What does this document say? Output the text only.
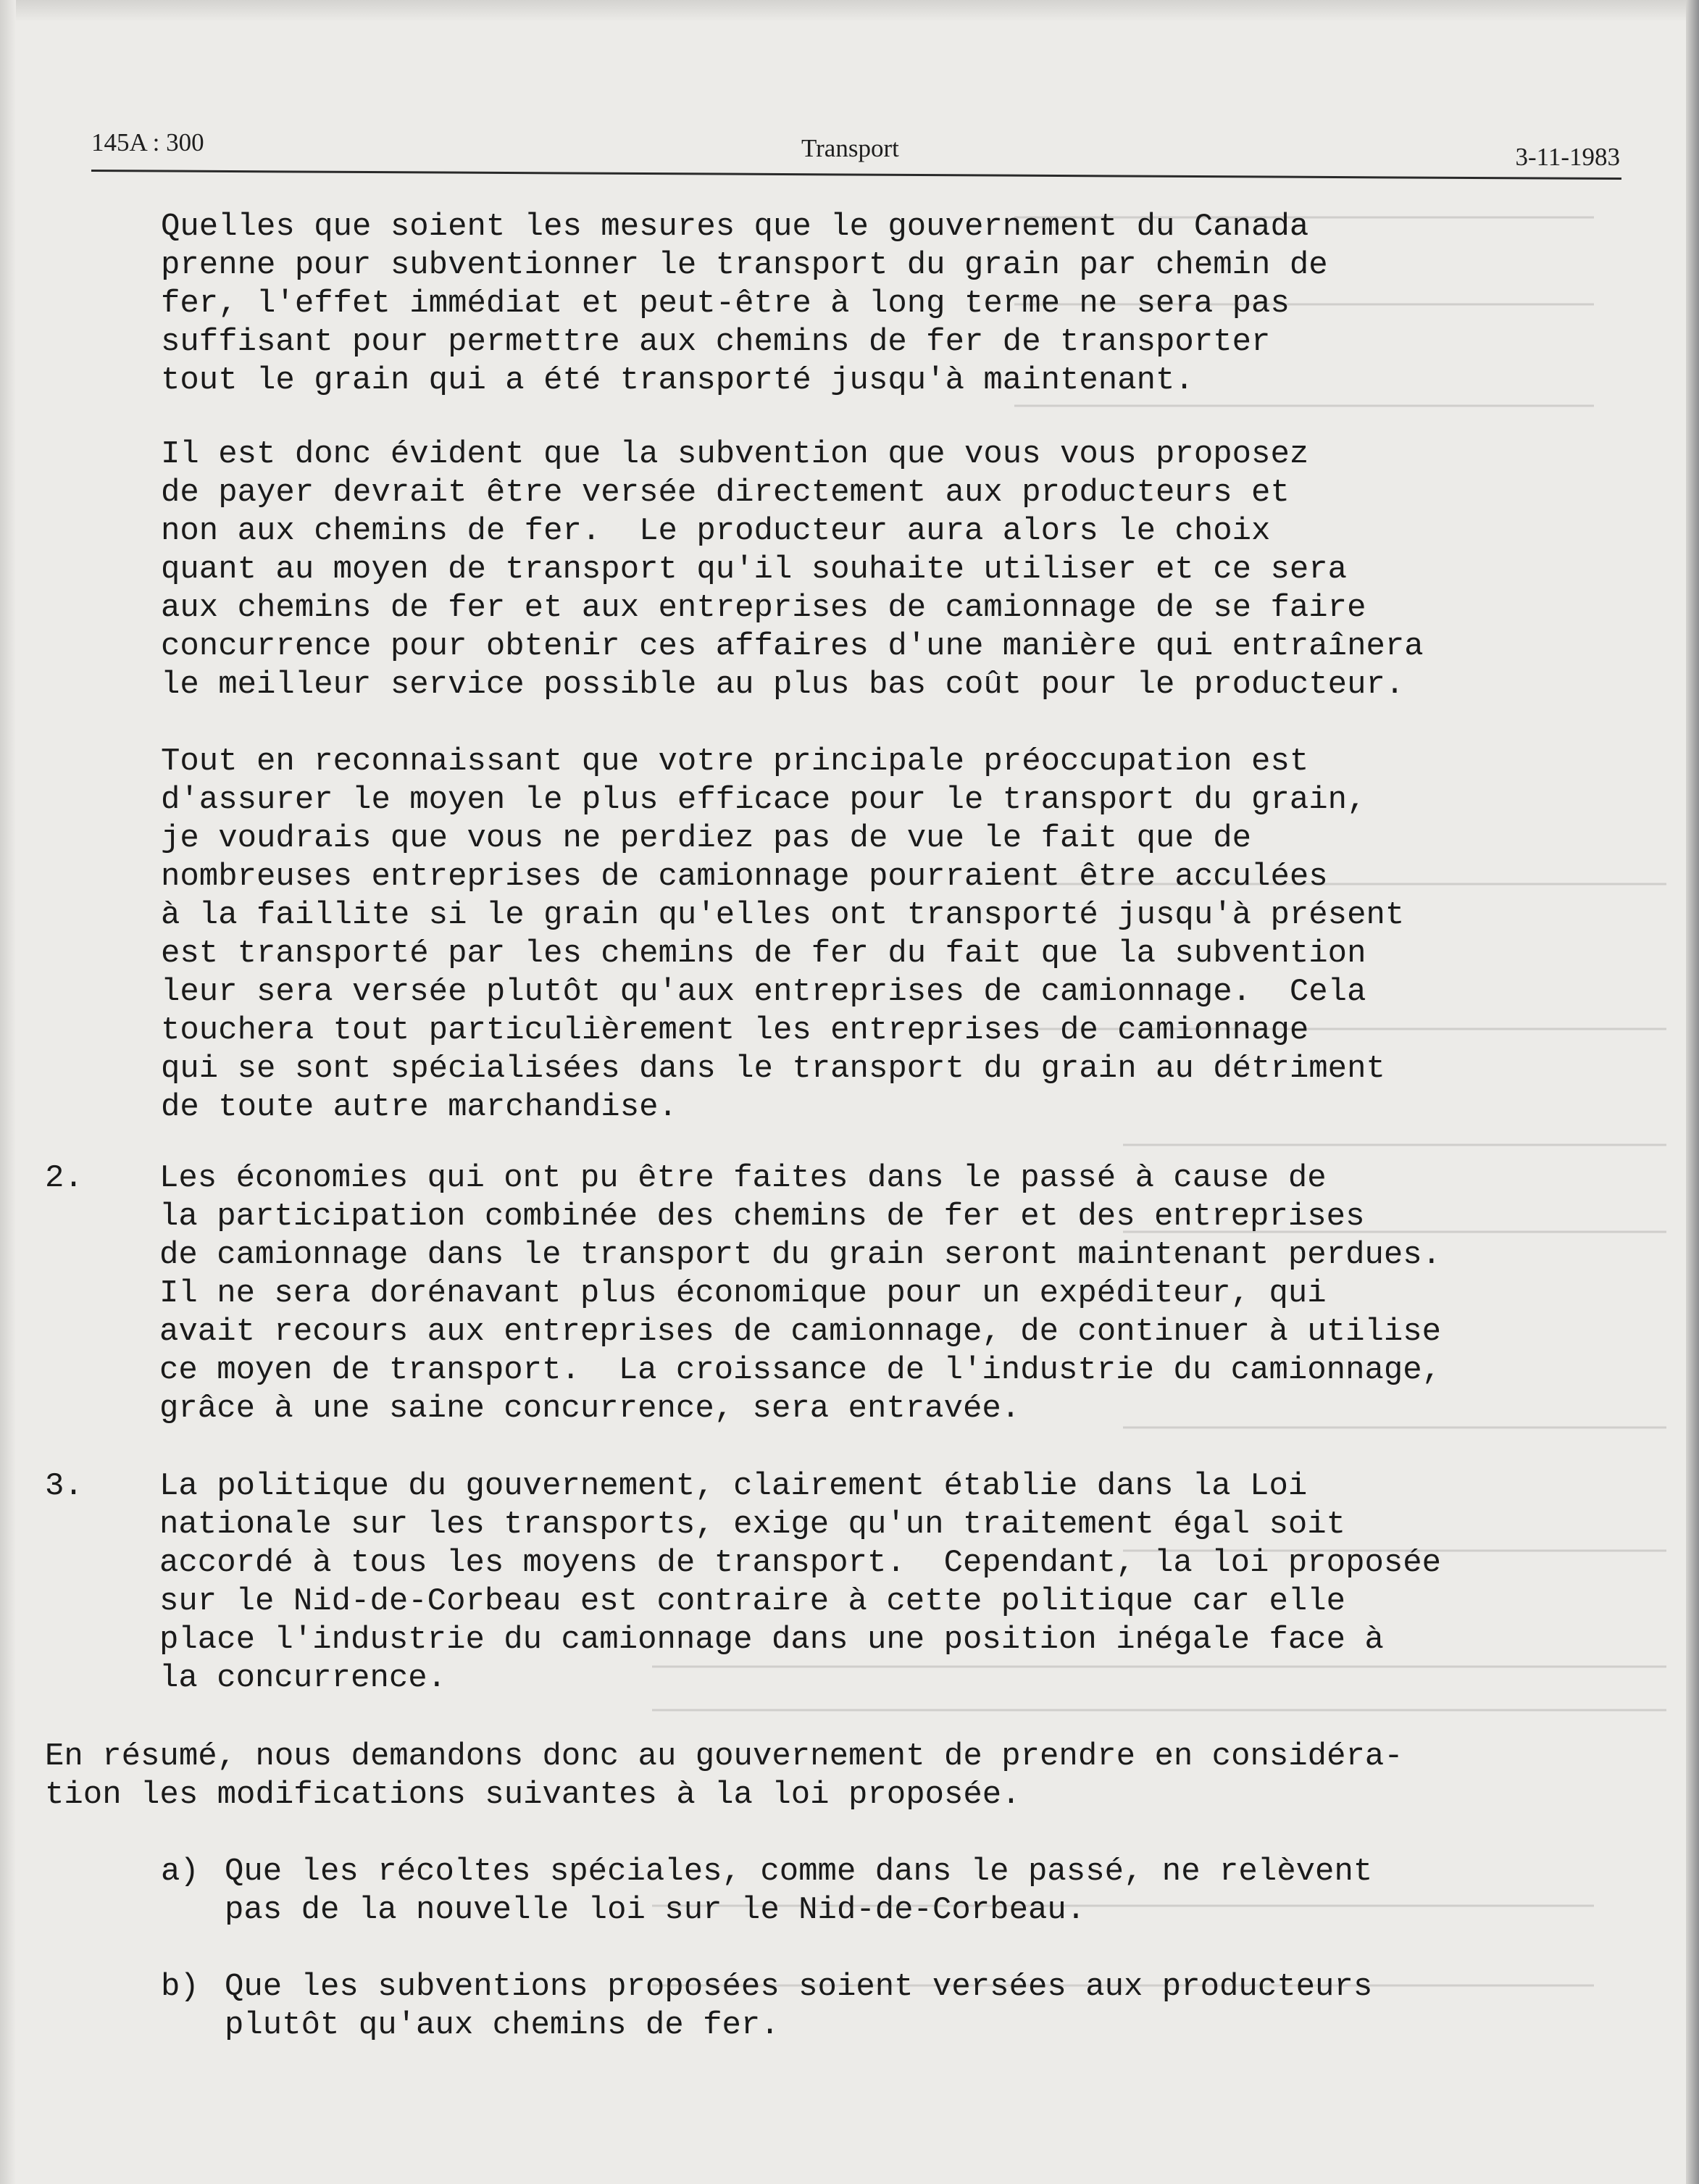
145A : 300	Transport	3-11-1983

Quelles que soient les mesures que le gouvernement du Canada
prenne pour subventionner le transport du grain par chemin de
fer, l'effet immédiat et peut-être à long terme ne sera pas
suffisant pour permettre aux chemins de fer de transporter
tout le grain qui a été transporté jusqu'à maintenant.

Il est donc évident que la subvention que vous vous proposez
de payer devrait être versée directement aux producteurs et
non aux chemins de fer.  Le producteur aura alors le choix
quant au moyen de transport qu'il souhaite utiliser et ce sera
aux chemins de fer et aux entreprises de camionnage de se faire
concurrence pour obtenir ces affaires d'une manière qui entraînera
le meilleur service possible au plus bas coût pour le producteur.

Tout en reconnaissant que votre principale préoccupation est
d'assurer le moyen le plus efficace pour le transport du grain,
je voudrais que vous ne perdiez pas de vue le fait que de
nombreuses entreprises de camionnage pourraient être acculées
à la faillite si le grain qu'elles ont transporté jusqu'à présent
est transporté par les chemins de fer du fait que la subvention
leur sera versée plutôt qu'aux entreprises de camionnage.  Cela
touchera tout particulièrement les entreprises de camionnage
qui se sont spécialisées dans le transport du grain au détriment
de toute autre marchandise.

2. Les économies qui ont pu être faites dans le passé à cause de
la participation combinée des chemins de fer et des entreprises
de camionnage dans le transport du grain seront maintenant perdues.
Il ne sera dorénavant plus économique pour un expéditeur, qui
avait recours aux entreprises de camionnage, de continuer à utilise
ce moyen de transport.  La croissance de l'industrie du camionnage,
grâce à une saine concurrence, sera entravée.

3. La politique du gouvernement, clairement établie dans la Loi
nationale sur les transports, exige qu'un traitement égal soit
accordé à tous les moyens de transport.  Cependant, la loi proposée
sur le Nid-de-Corbeau est contraire à cette politique car elle
place l'industrie du camionnage dans une position inégale face à
la concurrence.

En résumé, nous demandons donc au gouvernement de prendre en considéra-
tion les modifications suivantes à la loi proposée.

a) Que les récoltes spéciales, comme dans le passé, ne relèvent
pas de la nouvelle loi sur le Nid-de-Corbeau.

b) Que les subventions proposées soient versées aux producteurs
plutôt qu'aux chemins de fer.
